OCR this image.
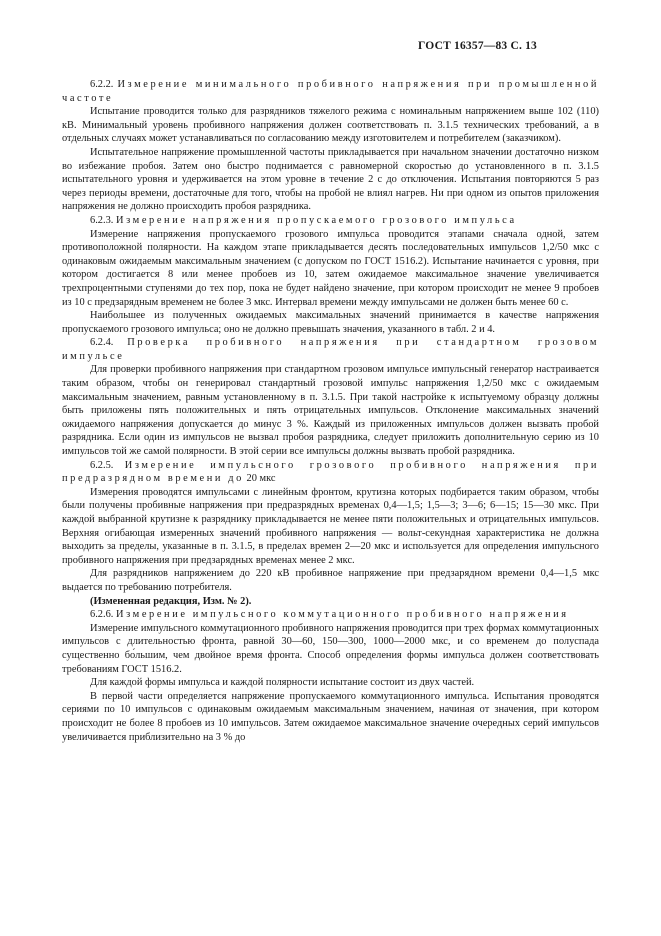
ГОСТ 16357—83 С. 13

6.2.2. Измерение минимального пробивного напряжения при промышленной частоте

Испытание проводится только для разрядников тяжелого режима с номинальным напряжением выше 102 (110) кВ. Минимальный уровень пробивного напряжения должен соответствовать п. 3.1.5 технических требований, а в отдельных случаях может устанавливаться по согласованию между изготовителем и потребителем (заказчиком).

Испытательное напряжение промышленной частоты прикладывается при начальном значении достаточно низком во избежание пробоя. Затем оно быстро поднимается с равномерной скоростью до установленного в п. 3.1.5 испытательного уровня и удерживается на этом уровне в течение 2 с до отключения. Испытания повторяются 5 раз через периоды времени, достаточные для того, чтобы на пробой не влиял нагрев. Ни при одном из опытов приложения напряжения не должно происходить пробоя разрядника.

6.2.3. Измерение напряжения пропускаемого грозового импульса

Измерение напряжения пропускаемого грозового импульса проводится этапами сначала одной, затем противоположной полярности. На каждом этапе прикладывается десять последовательных импульсов 1,2/50 мкс с одинаковым ожидаемым максимальным значением (с допуском по ГОСТ 1516.2). Испытание начинается с уровня, при котором достигается 8 или менее пробоев из 10, затем ожидаемое максимальное значение увеличивается трехпроцентными ступенями до тех пор, пока не будет найдено значение, при котором происходит не менее 9 пробоев из 10 с предзарядным временем не более 3 мкс. Интервал времени между импульсами не должен быть менее 60 с.

Наибольшее из полученных ожидаемых максимальных значений принимается в качестве напряжения пропускаемого грозового импульса; оно не должно превышать значения, указанного в табл. 2 и 4.

6.2.4. Проверка пробивного напряжения при стандартном грозовом импульсе

Для проверки пробивного напряжения при стандартном грозовом импульсе импульсный генератор настраивается таким образом, чтобы он генерировал стандартный грозовой импульс напряжения 1,2/50 мкс с ожидаемым максимальным значением, равным установленному в п. 3.1.5. При такой настройке к испытуемому образцу должны быть приложены пять положительных и пять отрицательных импульсов. Отклонение максимальных значений ожидаемого напряжения допускается до минус 3 %. Каждый из приложенных импульсов должен вызвать пробой разрядника. Если один из импульсов не вызвал пробоя разрядника, следует приложить дополнительную серию из 10 импульсов той же самой полярности. В этой серии все импульсы должны вызвать пробой разрядника.

6.2.5. Измерение импульсного грозового пробивного напряжения при предразрядном времени до 20 мкс

Измерения проводятся импульсами с линейным фронтом, крутизна которых подбирается таким образом, чтобы были получены пробивные напряжения при предразрядных временах 0,4—1,5; 1,5—3; 3—6; 6—15; 15—30 мкс. При каждой выбранной крутизне к разряднику прикладывается не менее пяти положительных и отрицательных импульсов. Верхняя огибающая измеренных значений пробивного напряжения — вольт-секундная характеристика не должна выходить за пределы, указанные в п. 3.1.5, в пределах времен 2—20 мкс и используется для определения импульсного пробивного напряжения при предзарядных временах менее 2 мкс.

Для разрядников напряжением до 220 кВ пробивное напряжение при предзарядном времени 0,4—1,5 мкс выдается по требованию потребителя.

(Измененная редакция, Изм. № 2).

6.2.6. Измерение импульсного коммутационного пробивного напряжения

Измерение импульсного коммутационного пробивного напряжения проводится при трех формах коммутационных импульсов с длительностью фронта, равной 30—60, 150—300, 1000—2000 мкс, и со временем до полуспада существенно бо́льшим, чем двойное время фронта. Способ определения формы импульса должен соответствовать требованиям ГОСТ 1516.2.

Для каждой формы импульса и каждой полярности испытание состоит из двух частей.

В первой части определяется напряжение пропускаемого коммутационного импульса. Испытания проводятся сериями по 10 импульсов с одинаковым ожидаемым максимальным значением, начиная от значения, при котором происходит не более 8 пробоев из 10 импульсов. Затем ожидаемое максимальное значение очередных серий импульсов увеличивается приблизительно на 3 % до
